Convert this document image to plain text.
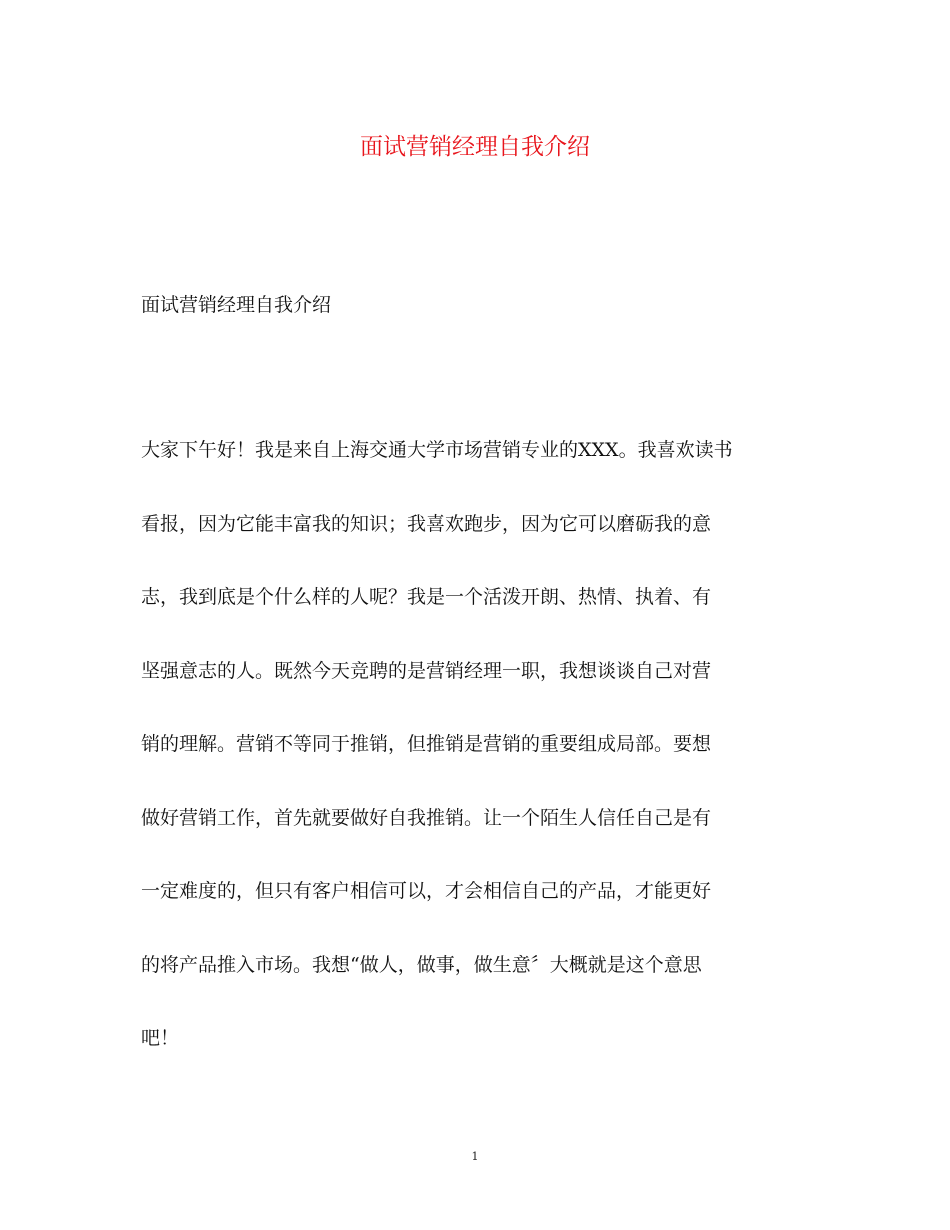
面试营销经理自我介绍

面试营销经理自我介绍

大家下午好！我是来自上海交通大学市场营销专业的XXX。我喜欢读书
看报，因为它能丰富我的知识；我喜欢跑步，因为它可以磨砺我的意
志，我到底是个什么样的人呢？我是一个活泼开朗、热情、执着、有
坚强意志的人。既然今天竞聘的是营销经理一职，我想谈谈自己对营
销的理解。营销不等同于推销，但推销是营销的重要组成局部。要想
做好营销工作，首先就要做好自我推销。让一个陌生人信任自己是有
一定难度的，但只有客户相信可以，才会相信自己的产品，才能更好
的将产品推入市场。我想“做人，做事，做生意〞大概就是这个意思
吧！
1
